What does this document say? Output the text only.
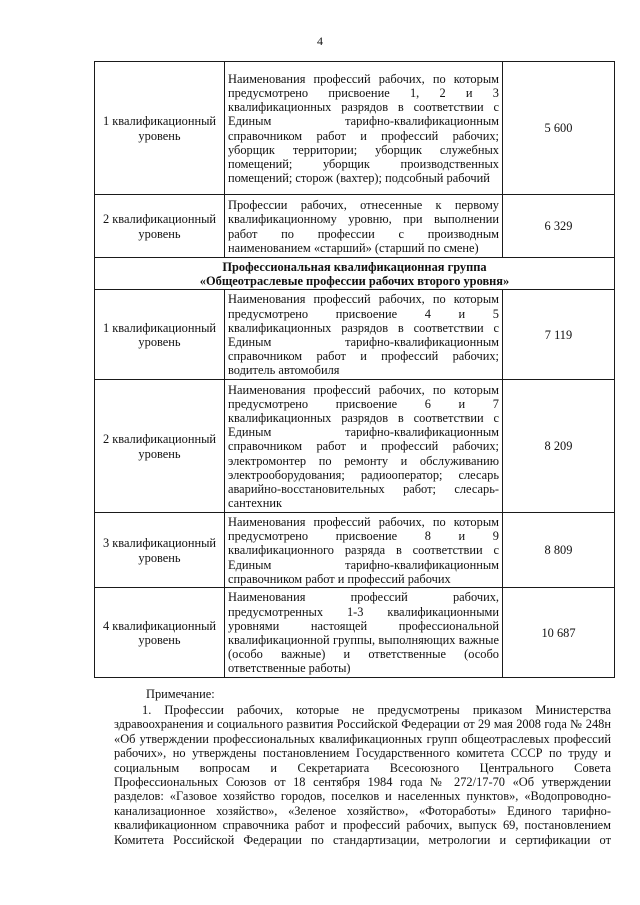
4
1 квалификационный уровень	Наименования профессий рабочих, по которым предусмотрено присвоение 1, 2 и 3 квалификационных разрядов в соответствии с Единым тарифно-квалификационным справочником работ и профессий рабочих; уборщик территории; уборщик служебных помещений; уборщик производственных помещений; сторож (вахтер); подсобный рабочий	5 600
2 квалификационный уровень	Профессии рабочих, отнесенные к первому квалификационному уровню, при выполнении работ по профессии с производным наименованием «старший» (старший по смене)	6 329

Профессиональная квалификационная группа
«Общеотраслевые профессии рабочих второго уровня»		

1 квалификационный уровень	Наименования профессий рабочих, по которым предусмотрено присвоение 4 и 5 квалификационных разрядов в соответствии с Единым тарифно-квалификационным справочником работ и профессий рабочих; водитель автомобиля	7 119
2 квалификационный уровень	Наименования профессий рабочих, по которым предусмотрено присвоение 6 и 7 квалификационных разрядов в соответствии с Единым тарифно-квалификационным справочником работ и профессий рабочих; электромонтер по ремонту и обслуживанию электрооборудования; радиооператор; слесарь аварийно-восстановительных работ; слесарь-сантехник	8 209
3 квалификационный уровень	Наименования профессий рабочих, по которым предусмотрено присвоение 8 и 9 квалификационного разряда в соответствии с Единым тарифно-квалификационным справочником работ и профессий рабочих	8 809
4 квалификационный уровень	Наименования профессий рабочих, предусмотренных 1-3 квалификационными уровнями настоящей профессиональной квалификационной группы, выполняющих важные (особо важные) и ответственные (особо ответственные работы)	10 687
Примечание:
1. Профессии рабочих, которые не предусмотрены приказом Министерства здравоохранения и социального развития Российской Федерации от 29 мая 2008 года № 248н «Об утверждении профессиональных квалификационных групп общеотраслевых профессий рабочих», но утверждены постановлением Государственного комитета СССР по труду и социальным вопросам и Секретариата Всесоюзного Центрального Совета Профессиональных Союзов от 18 сентября 1984 года № 272/17-70 «Об утверждении разделов: «Газовое хозяйство городов, поселков и населенных пунктов», «Водопроводно-канализационное хозяйство», «Зеленое хозяйство», «Фотоработы» Единого тарифно-квалификационном справочника работ и профессий рабочих, выпуск 69, постановлением Комитета Российской Федерации по стандартизации, метрологии и сертификации от
